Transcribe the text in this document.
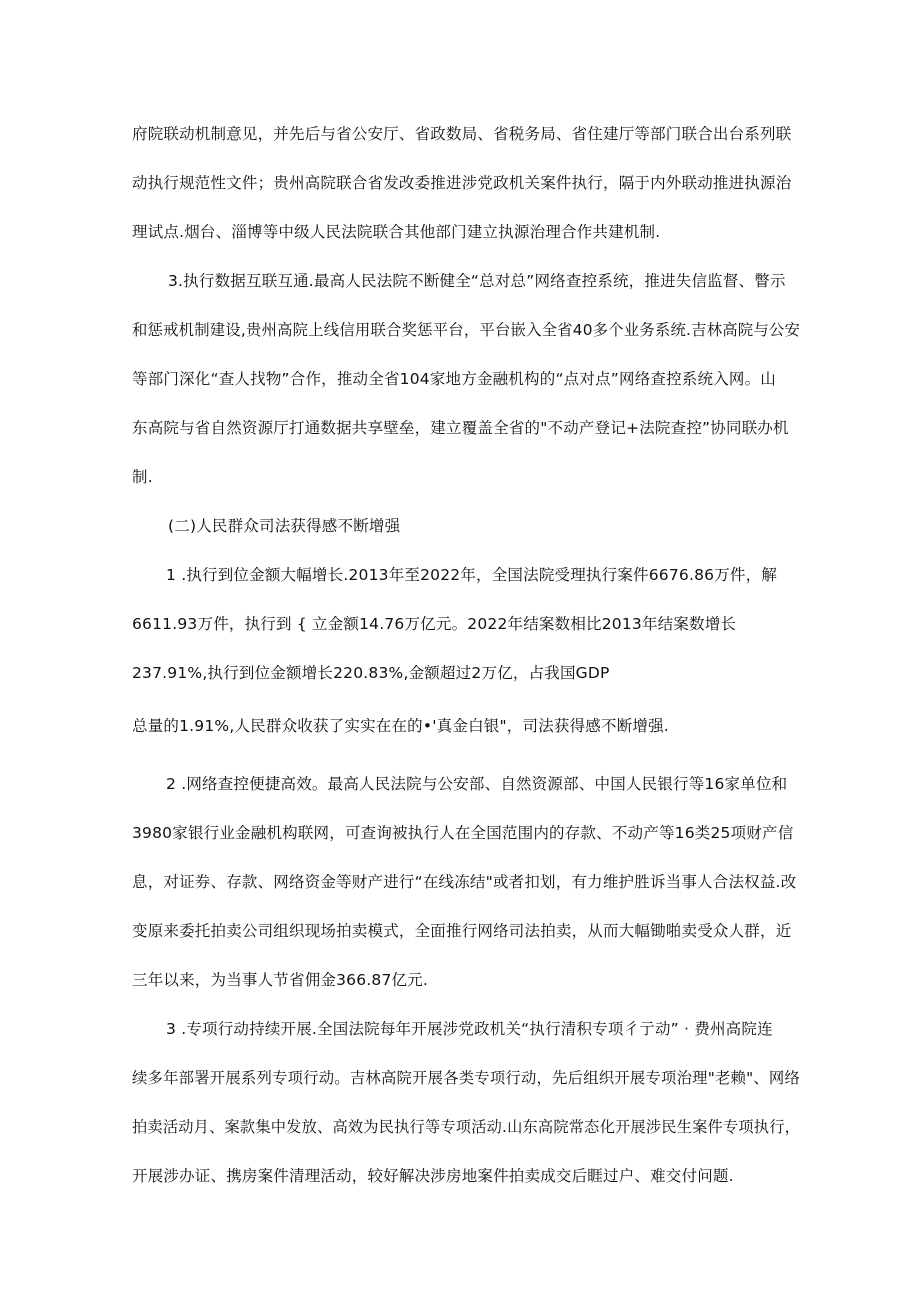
府院联动机制意见，并先后与省公安厅、省政数局、省税务局、省住建厅等部门联合出台系列联
动执行规范性文件；贵州高院联合省发改委推进涉党政机关案件执行，隔于内外联动推进执源治
理试点.烟台、淄博等中级人民法院联合其他部门建立执源治理合作共建机制.
3.执行数据互联互通.最高人民法院不断健全“总对总”网络查控系统，推进失信监督、瞥示
和惩戒机制建设,贵州高院上线信用联合奖惩平台，平台嵌入全省40多个业务系统.吉林高院与公安
等部门深化“查人找物”合作，推动全省104家地方金融机构的“点对点”网络查控系统入网。山
东高院与省自然资源厅打通数据共享壁垒，建立覆盖全省的"不动产登记+法院查控”协同联办机
制.
(二)人民群众司法获得感不断增强
1 .执行到位金额大幅增长.2013年至2022年，全国法院受理执行案件6676.86万件，解
6611.93万件，执行到 { 立金额14.76万亿元。2022年结案数相比2013年结案数增长
237.91%,执行到位金额增长220.83%,金额超过2万亿，占我国GDP
总量的1.91%,人民群众收获了实实在在的•'真金白银"，司法获得感不断增强.
2 .网络查控便捷高效。最高人民法院与公安部、自然资源部、中国人民银行等16家单位和
3980家银行业金融机构联网，可查询被执行人在全国范围内的存款、不动产等16类25项财产信
息，对证券、存款、网络资金等财产进行“在线冻结"或者扣划，有力维护胜诉当事人合法权益.改
变原来委托拍卖公司组织现场拍卖模式，全面推行网络司法拍卖，从而大幅锄啪卖受众人群，近
三年以来，为当事人节省佣金366.87亿元.
3 .专项行动持续开展.全国法院每年开展涉党政机关“执行清积专项彳亍动” · 费州高院连
续多年部署开展系列专项行动。吉林高院开展各类专项行动，先后组织开展专项治理"老赖"、网络
拍卖活动月、案款集中发放、高效为民执行等专项活动.山东高院常态化开展涉民生案件专项执行，
开展涉办证、携房案件清理活动，较好解决涉房地案件拍卖成交后睚过户、难交付问题.
